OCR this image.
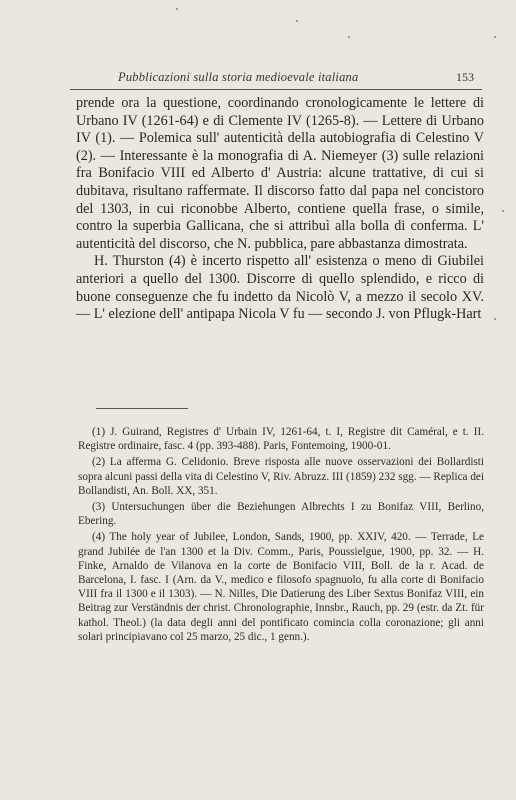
Pubblicazioni sulla storia medioevale italiana	153

prende ora la questione, coordinando cronologicamente le lettere di Urbano IV (1261-64) e di Clemente IV (1265-8). — Lettere di Urbano IV (1). — Polemica sull' autenticità della autobiografia di Celestino V (2). — Interessante è la monografia di A. Niemeyer (3) sulle relazioni fra Bonifacio VIII ed Alberto d' Austria: alcune trattative, di cui si dubitava, risultano raffermate. Il discorso fatto dal papa nel concistoro del 1303, in cui riconobbe Alberto, contiene quella frase, o simile, contro la superbia Gallicana, che si attribuì alla bolla di conferma. L' autenticità del discorso, che N. pubblica, pare abbastanza dimostrata.

H. Thurston (4) è incerto rispetto all' esistenza o meno di Giubilei anteriori a quello del 1300. Discorre di quello splendido, e ricco di buone conseguenze che fu indetto da Nicolò V, a mezzo il secolo XV. — L' elezione dell' antipapa Nicola V fu — secondo J. von Pflugk-Hart

(1) J. Guirand, Registres d' Urbain IV, 1261-64, t. I, Registre dit Caméral, e t. II. Registre ordinaire, fasc. 4 (pp. 393-488). Paris, Fontemoing, 1900-01.

(2) La afferma G. Celidonio. Breve risposta alle nuove osservazioni dei Bollardisti sopra alcuni passi della vita di Celestino V, Riv. Abruzz. III (1859) 232 sgg. — Replica dei Bollandisti, An. Boll. XX, 351.

(3) Untersuchungen über die Beziehungen Albrechts I zu Bonifaz VIII, Berlino, Ebering.

(4) The holy year of Jubilee, London, Sands, 1900, pp. XXIV, 420. — Terrade, Le grand Jubilée de l'an 1300 et la Div. Comm., Paris, Poussielgue, 1900, pp. 32. — H. Finke, Arnaldo de Vilanova en la corte de Bonifacio VIII, Boll. de la r. Acad. de Barcelona, I. fasc. I (Arn. da V., medico e filosofo spagnuolo, fu alla corte di Bonifacio VIII fra il 1300 e il 1303). — N. Nilles, Die Datierung des Liber Sextus Bonifaz VIII, ein Beitrag zur Verständnis der christ. Chronolographie, Innsbr., Rauch, pp. 29 (estr. da Zt. für kathol. Theol.) (la data degli anni del pontificato comincia colla coronazione; gli anni solari principiavano col 25 marzo, 25 dic., 1 genn.).
